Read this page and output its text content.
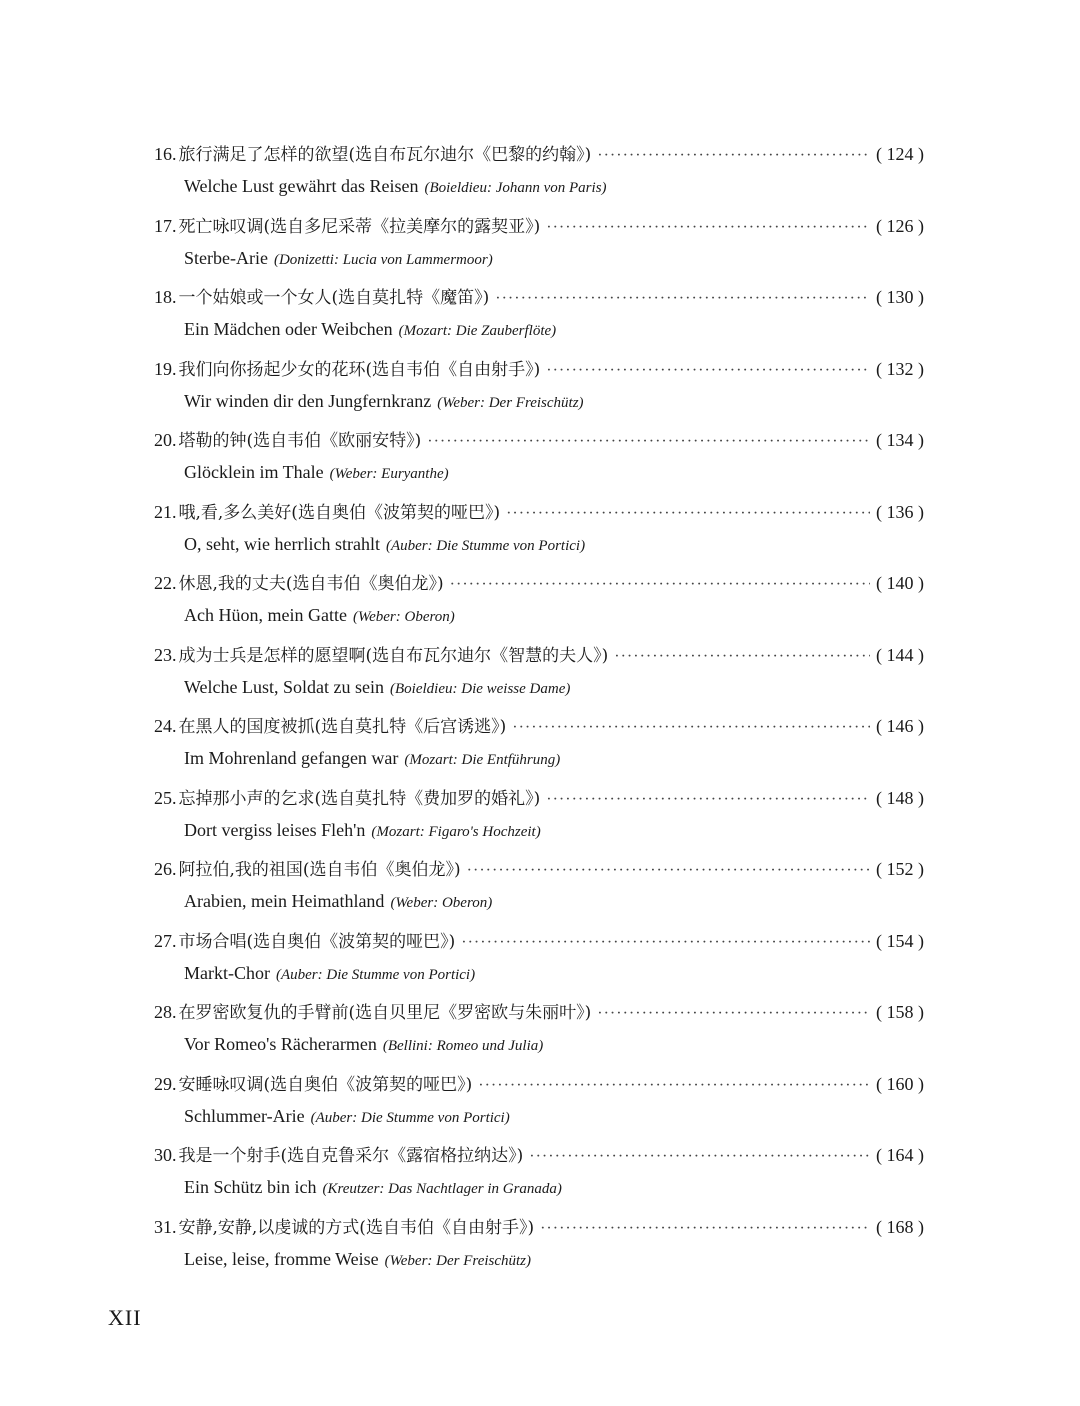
16. 旅行满足了怎样的欲望(选自布瓦尔迪尔《巴黎的约翰》) ·····	( 124 )
Welche Lust gewährt das Reisen (Boieldieu: Johann von Paris)
17. 死亡咏叹调(选自多尼采蒂《拉美摩尔的露契亚》) ·····	( 126 )
Sterbe-Arie (Donizetti: Lucia von Lammermoor)
18. 一个姑娘或一个女人(选自莫扎特《魔笛》) ·····	( 130 )
Ein Mädchen oder Weibchen (Mozart: Die Zauberflöte)
19. 我们向你扬起少女的花环(选自韦伯《自由射手》) ·····	( 132 )
Wir winden dir den Jungfernkranz (Weber: Der Freischütz)
20. 塔勒的钟(选自韦伯《欧丽安特》) ·····	( 134 )
Glöcklein im Thale (Weber: Euryanthe)
21. 哦,看,多么美好(选自奥伯《波第契的哑巴》) ·····	( 136 )
O, seht, wie herrlich strahlt (Auber: Die Stumme von Portici)
22. 休恩,我的丈夫(选自韦伯《奥伯龙》) ·····	( 140 )
Ach Hüon, mein Gatte (Weber: Oberon)
23. 成为士兵是怎样的愿望啊(选自布瓦尔迪尔《智慧的夫人》) ·····	( 144 )
Welche Lust, Soldat zu sein (Boieldieu: Die weisse Dame)
24. 在黑人的国度被抓(选自莫扎特《后宫诱逃》) ·····	( 146 )
Im Mohrenland gefangen war (Mozart: Die Entführung)
25. 忘掉那小声的乞求(选自莫扎特《费加罗的婚礼》) ·····	( 148 )
Dort vergiss leises Fleh'n (Mozart: Figaro's Hochzeit)
26. 阿拉伯,我的祖国(选自韦伯《奥伯龙》) ·····	( 152 )
Arabien, mein Heimathland (Weber: Oberon)
27. 市场合唱(选自奥伯《波第契的哑巴》) ·····	( 154 )
Markt-Chor (Auber: Die Stumme von Portici)
28. 在罗密欧复仇的手臂前(选自贝里尼《罗密欧与朱丽叶》) ·····	( 158 )
Vor Romeo's Rächerarmen (Bellini: Romeo und Julia)
29. 安睡咏叹调(选自奥伯《波第契的哑巴》) ·····	( 160 )
Schlummer-Arie (Auber: Die Stumme von Portici)
30. 我是一个射手(选自克鲁采尔《露宿格拉纳达》) ·····	( 164 )
Ein Schütz bin ich (Kreutzer: Das Nachtlager in Granada)
31. 安静,安静,以虔诚的方式(选自韦伯《自由射手》) ·····	( 168 )
Leise, leise, fromme Weise (Weber: Der Freischütz)
XII
